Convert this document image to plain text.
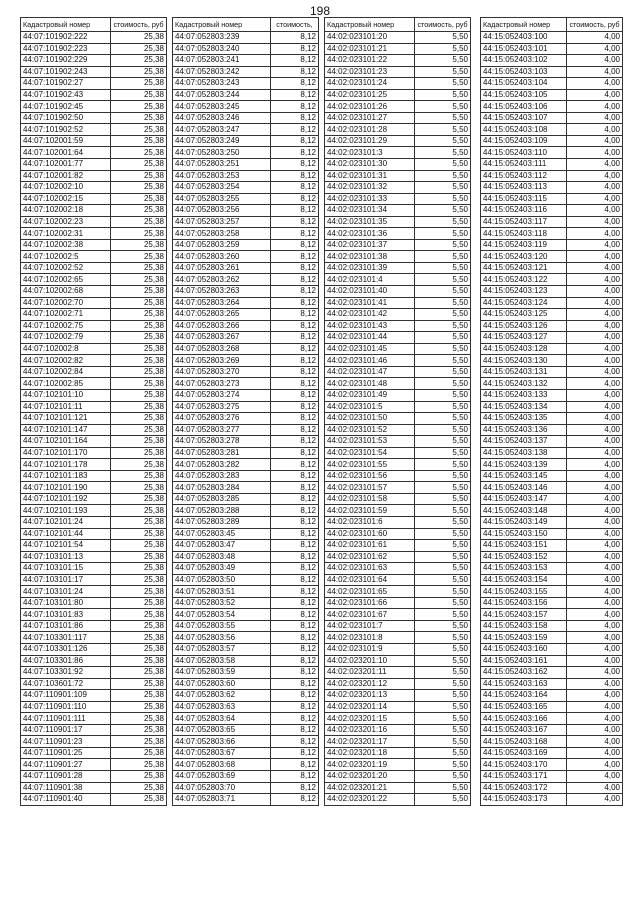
198
Кадастровый номер	стоимость, руб
44:07:101902:222	25,38
44:07:101902:223	25,38
44:07:101902:229	25,38
44:07:101902:243	25,38
44:07:101902:27	25,38
44:07:101902:43	25,38
44:07:101902:45	25,38
44:07:101902:50	25,38
44:07:101902:52	25,38
44:07:102001:59	25,38
44:07:102001:64	25,38
44:07:102001:77	25,38
44:07:102001:82	25,38
44:07:102002:10	25,38
44:07:102002:15	25,38
44:07:102002:18	25,38
44:07:102002:23	25,38
44:07:102002:31	25,38
44:07:102002:38	25,38
44:07:102002:5	25,38
44:07:102002:52	25,38
44:07:102002:65	25,38
44:07:102002:68	25,38
44:07:102002:70	25,38
44:07:102002:71	25,38
44:07:102002:75	25,38
44:07:102002:79	25,38
44:07:102002:8	25,38
44:07:102002:82	25,38
44:07:102002:84	25,38
44:07:102002:85	25,38
44:07:102101:10	25,38
44:07:102101:11	25,38
44:07:102101:121	25,38
44:07:102101:147	25,38
44:07:102101:164	25,38
44:07:102101:170	25,38
44:07:102101:178	25,38
44:07:102101:183	25,38
44:07:102101:190	25,38
44:07:102101:192	25,38
44:07:102101:193	25,38
44:07:102101:24	25,38
44:07:102101:44	25,38
44:07:102101:54	25,38
44:07:103101:13	25,38
44:07:103101:15	25,38
44:07:103101:17	25,38
44:07:103101:24	25,38
44:07:103101:80	25,38
44:07:103101:83	25,38
44:07:103101:86	25,38
44:07:103301:117	25,38
44:07:103301:126	25,38
44:07:103301:86	25,38
44:07:103301:92	25,38
44:07:103601:72	25,38
44:07:110901:109	25,38
44:07:110901:110	25,38
44:07:110901:111	25,38
44:07:110901:17	25,38
44:07:110901:23	25,38
44:07:110901:25	25,38
44:07:110901:27	25,38
44:07:110901:28	25,38
44:07:110901:38	25,38
44:07:110901:40	25,38
Кадастровый номер	стоимость,
44:07:052803:239	8,12
44:07:052803:240	8,12
44:07:052803:241	8,12
44:07:052803:242	8,12
44:07:052803:243	8,12
44:07:052803:244	8,12
44:07:052803:245	8,12
44:07:052803:246	8,12
44:07:052803:247	8,12
44:07:052803:249	8,12
44:07:052803:250	8,12
44:07:052803:251	8,12
44:07:052803:253	8,12
44:07:052803:254	8,12
44:07:052803:255	8,12
44:07:052803:256	8,12
44:07:052803:257	8,12
44:07:052803:258	8,12
44:07:052803:259	8,12
44:07:052803:260	8,12
44:07:052803:261	8,12
44:07:052803:262	8,12
44:07:052803:263	8,12
44:07:052803:264	8,12
44:07:052803:265	8,12
44:07:052803:266	8,12
44:07:052803:267	8,12
44:07:052803:268	8,12
44:07:052803:269	8,12
44:07:052803:270	8,12
44:07:052803:273	8,12
44:07:052803:274	8,12
44:07:052803:275	8,12
44:07:052803:276	8,12
44:07:052803:277	8,12
44:07:052803:278	8,12
44:07:052803:281	8,12
44:07:052803:282	8,12
44:07:052803:283	8,12
44:07:052803:284	8,12
44:07:052803:285	8,12
44:07:052803:288	8,12
44:07:052803:289	8,12
44:07:052803:45	8,12
44:07:052803:47	8,12
44:07:052803:48	8,12
44:07:052803:49	8,12
44:07:052803:50	8,12
44:07:052803:51	8,12
44:07:052803:52	8,12
44:07:052803:54	8,12
44:07:052803:55	8,12
44:07:052803:56	8,12
44:07:052803:57	8,12
44:07:052803:58	8,12
44:07:052803:59	8,12
44:07:052803:60	8,12
44:07:052803:62	8,12
44:07:052803:63	8,12
44:07:052803:64	8,12
44:07:052803:65	8,12
44:07:052803:66	8,12
44:07:052803:67	8,12
44:07:052803:68	8,12
44:07:052803:69	8,12
44:07:052803:70	8,12
44:07:052803:71	8,12
Кадастровый номер	стоимость, руб
44:02:023101:20	5,50
44:02:023101:21	5,50
44:02:023101:22	5,50
44:02:023101:23	5,50
44:02:023101:24	5,50
44:02:023101:25	5,50
44:02:023101:26	5,50
44:02:023101:27	5,50
44:02:023101:28	5,50
44:02:023101:29	5,50
44:02:023101:3	5,50
44:02:023101:30	5,50
44:02:023101:31	5,50
44:02:023101:32	5,50
44:02:023101:33	5,50
44:02:023101:34	5,50
44:02:023101:35	5,50
44:02:023101:36	5,50
44:02:023101:37	5,50
44:02:023101:38	5,50
44:02:023101:39	5,50
44:02:023101:4	5,50
44:02:023101:40	5,50
44:02:023101:41	5,50
44:02:023101:42	5,50
44:02:023101:43	5,50
44:02:023101:44	5,50
44:02:023101:45	5,50
44:02:023101:46	5,50
44:02:023101:47	5,50
44:02:023101:48	5,50
44:02:023101:49	5,50
44:02:023101:5	5,50
44:02:023101:50	5,50
44:02:023101:52	5,50
44:02:023101:53	5,50
44:02:023101:54	5,50
44:02:023101:55	5,50
44:02:023101:56	5,50
44:02:023101:57	5,50
44:02:023101:58	5,50
44:02:023101:59	5,50
44:02:023101:6	5,50
44:02:023101:60	5,50
44:02:023101:61	5,50
44:02:023101:62	5,50
44:02:023101:63	5,50
44:02:023101:64	5,50
44:02:023101:65	5,50
44:02:023101:66	5,50
44:02:023101:67	5,50
44:02:023101:7	5,50
44:02:023101:8	5,50
44:02:023101:9	5,50
44:02:023201:10	5,50
44:02:023201:11	5,50
44:02:023201:12	5,50
44:02:023201:13	5,50
44:02:023201:14	5,50
44:02:023201:15	5,50
44:02:023201:16	5,50
44:02:023201:17	5,50
44:02:023201:18	5,50
44:02:023201:19	5,50
44:02:023201:20	5,50
44:02:023201:21	5,50
44:02:023201:22	5,50
Кадастровый номер	стоимость, руб
44:15:052403:100	4,00
44:15:052403:101	4,00
44:15:052403:102	4,00
44:15:052403:103	4,00
44:15:052403:104	4,00
44:15:052403:105	4,00
44:15:052403:106	4,00
44:15:052403:107	4,00
44:15:052403:108	4,00
44:15:052403:109	4,00
44:15:052403:110	4,00
44:15:052403:111	4,00
44:15:052403:112	4,00
44:15:052403:113	4,00
44:15:052403:115	4,00
44:15:052403:116	4,00
44:15:052403:117	4,00
44:15:052403:118	4,00
44:15:052403:119	4,00
44:15:052403:120	4,00
44:15:052403:121	4,00
44:15:052403:122	4,00
44:15:052403:123	4,00
44:15:052403:124	4,00
44:15:052403:125	4,00
44:15:052403:126	4,00
44:15:052403:127	4,00
44:15:052403:128	4,00
44:15:052403:130	4,00
44:15:052403:131	4,00
44:15:052403:132	4,00
44:15:052403:133	4,00
44:15:052403:134	4,00
44:15:052403:135	4,00
44:15:052403:136	4,00
44:15:052403:137	4,00
44:15:052403:138	4,00
44:15:052403:139	4,00
44:15:052403:145	4,00
44:15:052403:146	4,00
44:15:052403:147	4,00
44:15:052403:148	4,00
44:15:052403:149	4,00
44:15:052403:150	4,00
44:15:052403:151	4,00
44:15:052403:152	4,00
44:15:052403:153	4,00
44:15:052403:154	4,00
44:15:052403:155	4,00
44:15:052403:156	4,00
44:15:052403:157	4,00
44:15:052403:158	4,00
44:15:052403:159	4,00
44:15:052403:160	4,00
44:15:052403:161	4,00
44:15:052403:162	4,00
44:15:052403:163	4,00
44:15:052403:164	4,00
44:15:052403:165	4,00
44:15:052403:166	4,00
44:15:052403:167	4,00
44:15:052403:168	4,00
44:15:052403:169	4,00
44:15:052403:170	4,00
44:15:052403:171	4,00
44:15:052403:172	4,00
44:15:052403:173	4,00
